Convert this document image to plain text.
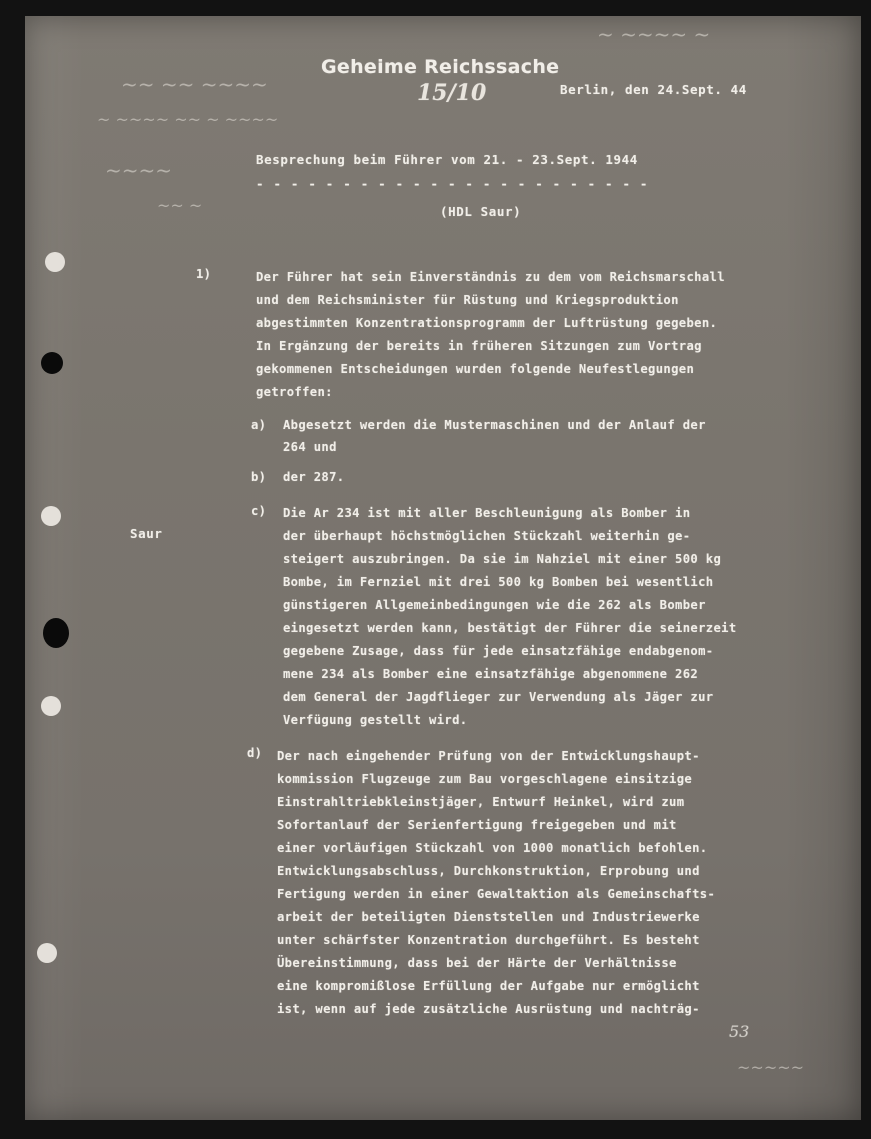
~ ~~~~ ~
~~ ~~ ~~~~
~ ~~~~ ~~ ~ ~~~~
~~~~
~~ ~
~~~~~
Geheime Reichssache
15/10	Berlin, den 24.Sept. 44
Besprechung beim Führer vom 21. - 23.Sept. 1944
- - - - - - - - - - - - - - - - - - - - - - -
(HDL Saur)
Saur
1)	Der Führer hat sein Einverständnis zu dem vom Reichsmarschall
und dem Reichsminister für Rüstung und Kriegsproduktion
abgestimmten Konzentrationsprogramm der Luftrüstung gegeben.
In Ergänzung der bereits in früheren Sitzungen zum Vortrag
gekommenen Entscheidungen wurden folgende Neufestlegungen
getroffen:
a) Abgesetzt werden die Mustermaschinen und der Anlauf der
264 und
b) der 287.
c) Die Ar 234 ist mit aller Beschleunigung als Bomber in
der überhaupt höchstmöglichen Stückzahl weiterhin ge-
steigert auszubringen. Da sie im Nahziel mit einer 500 kg
Bombe, im Fernziel mit drei 500 kg Bomben bei wesentlich
günstigeren Allgemeinbedingungen wie die 262 als Bomber
eingesetzt werden kann, bestätigt der Führer die seinerzeit
gegebene Zusage, dass für jede einsatzfähige endabgenom-
mene 234 als Bomber eine einsatzfähige abgenommene 262
dem General der Jagdflieger zur Verwendung als Jäger zur
Verfügung gestellt wird.
d) Der nach eingehender Prüfung von der Entwicklungshaupt-
kommission Flugzeuge zum Bau vorgeschlagene einsitzige
Einstrahltriebkleinstjäger, Entwurf Heinkel, wird zum
Sofortanlauf der Serienfertigung freigegeben und mit
einer vorläufigen Stückzahl von 1000 monatlich befohlen.
Entwicklungsabschluss, Durchkonstruktion, Erprobung und
Fertigung werden in einer Gewaltaktion als Gemeinschafts-
arbeit der beteiligten Dienststellen und Industriewerke
unter schärfster Konzentration durchgeführt. Es besteht
Übereinstimmung, dass bei der Härte der Verhältnisse
eine kompromißlose Erfüllung der Aufgabe nur ermöglicht
ist, wenn auf jede zusätzliche Ausrüstung und nachträg-
53
